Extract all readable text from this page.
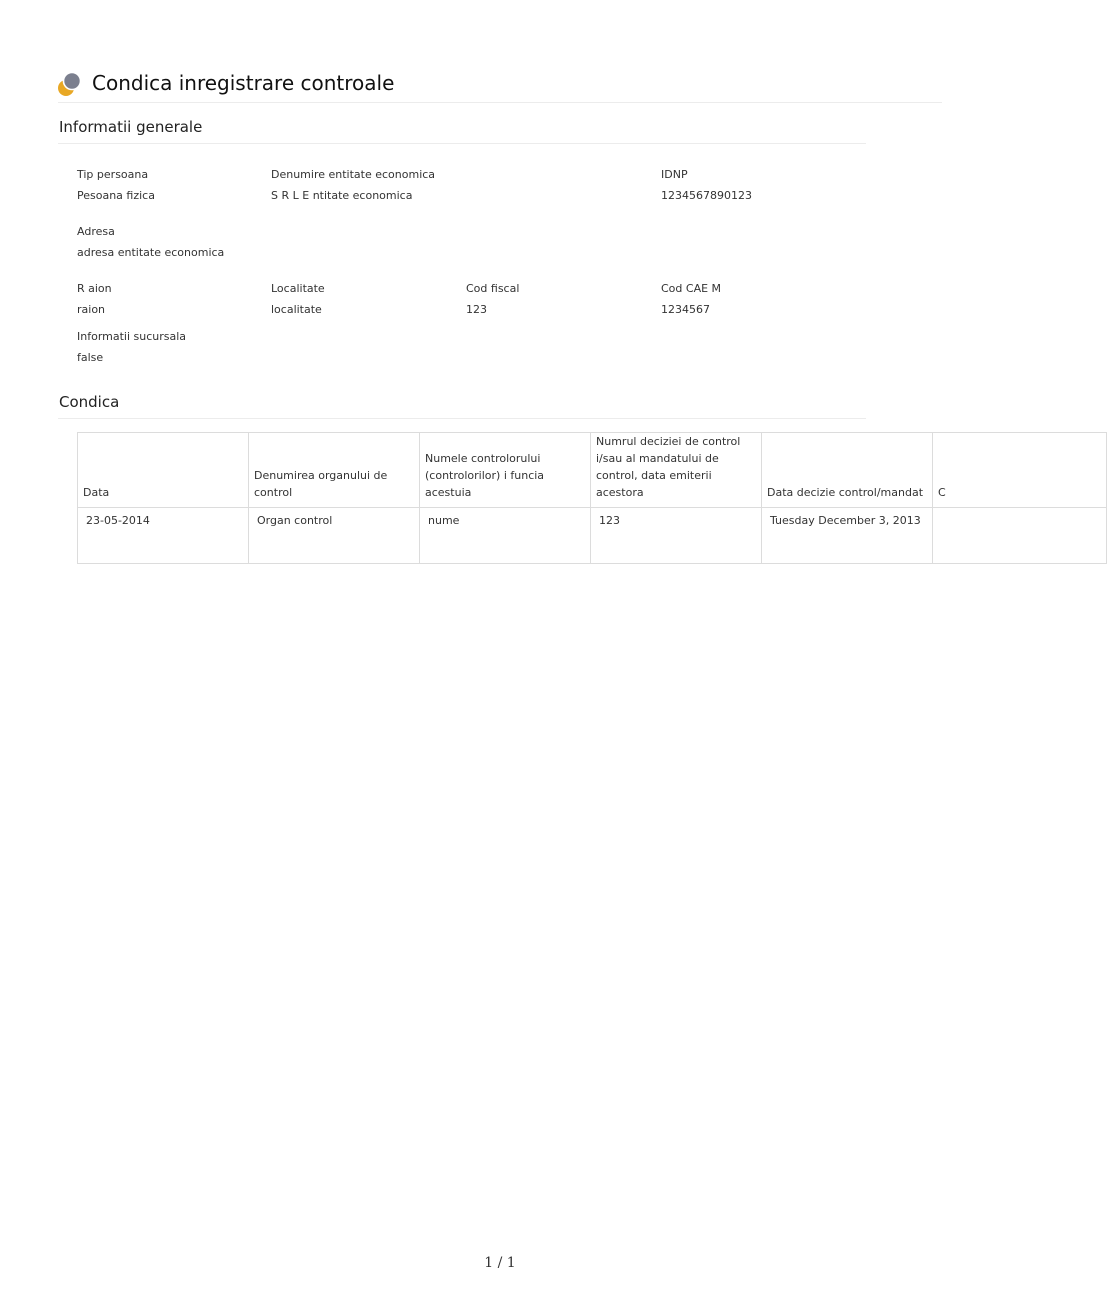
Condica inregistrare controale
Informatii generale
Tip persoana
Pesoana fizica
Denumire entitate economica
S R L E ntitate economica
IDNP
1234567890123
Adresa
adresa entitate economica
R aion
raion
Localitate
localitate
Cod fiscal
123
Cod CAE M
1234567
Informatii sucursala
false
Condica
Data	Denumirea organului de control	Numele controlorului (controlorilor) i funcia acestuia	Numrul deciziei de control i/sau al mandatului de control, data emiterii acestora	Data decizie control/mandat	C
23-05-2014	Organ control	nume	123	Tuesday December 3, 2013	
1 / 1
